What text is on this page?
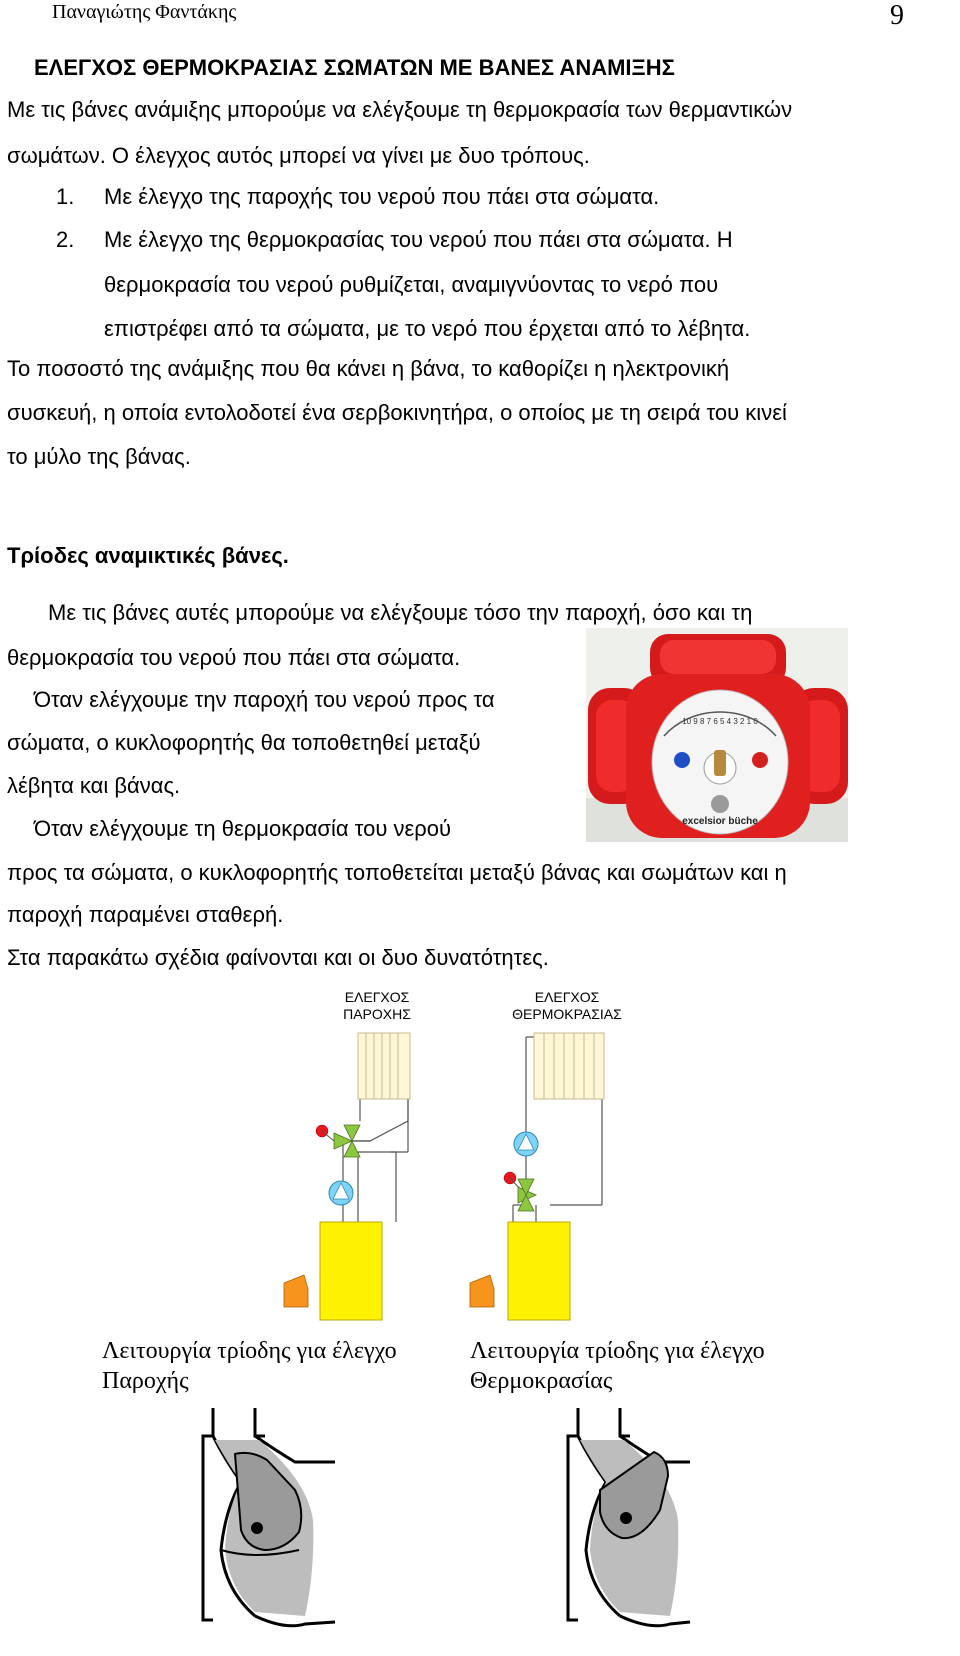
Παναγιώτης Φαντάκης	9
ΕΛΕΓΧΟΣ ΘΕΡΜΟΚΡΑΣΙΑΣ ΣΩΜΑΤΩΝ ΜΕ ΒΑΝΕΣ ΑΝΑΜΙΞΗΣ
Με τις βάνες ανάμιξης μπορούμε να ελέγξουμε τη θερμοκρασία των θερμαντικών
σωμάτων. Ο έλεγχος αυτός μπορεί να γίνει με δυο τρόπους.
1. Με έλεγχο της παροχής του νερού που πάει στα σώματα.
2. Με έλεγχο της θερμοκρασίας του νερού που πάει στα σώματα. Η
θερμοκρασία του νερού ρυθμίζεται, αναμιγνύοντας το νερό που
επιστρέφει από τα σώματα, με το νερό που έρχεται από το λέβητα.
Το ποσοστό της ανάμιξης που θα κάνει η βάνα, το καθορίζει η ηλεκτρονική
συσκευή, η οποία εντολοδοτεί ένα σερβοκινητήρα, ο οποίος με τη σειρά του κινεί
το μύλο της βάνας.
Τρίοδες αναμικτικές βάνες.
Με τις βάνες αυτές μπορούμε να ελέγξουμε τόσο την παροχή, όσο και τη
θερμοκρασία του νερού που πάει στα σώματα.
Όταν ελέγχουμε την παροχή του νερού προς τα
σώματα, ο κυκλοφορητής θα τοποθετηθεί μεταξύ
λέβητα και βάνας.
Όταν ελέγχουμε τη θερμοκρασία του νερού
προς τα σώματα, ο κυκλοφορητής τοποθετείται μεταξύ βάνας και σωμάτων και η
παροχή παραμένει σταθερή.
Στα παρακάτω σχέδια φαίνονται και οι δυο δυνατότητες.
10 9 8 7 6 5 4 3 2 1 0
excelsior büche
ΕΛΕΓΧΟΣ
ΠΑΡΟΧΗΣ
ΕΛΕΓΧΟΣ
ΘΕΡΜΟΚΡΑΣΙΑΣ
Λειτουργία τρίοδης για έλεγχο
Παροχής
Λειτουργία τρίοδης για έλεγχο
Θερμοκρασίας
